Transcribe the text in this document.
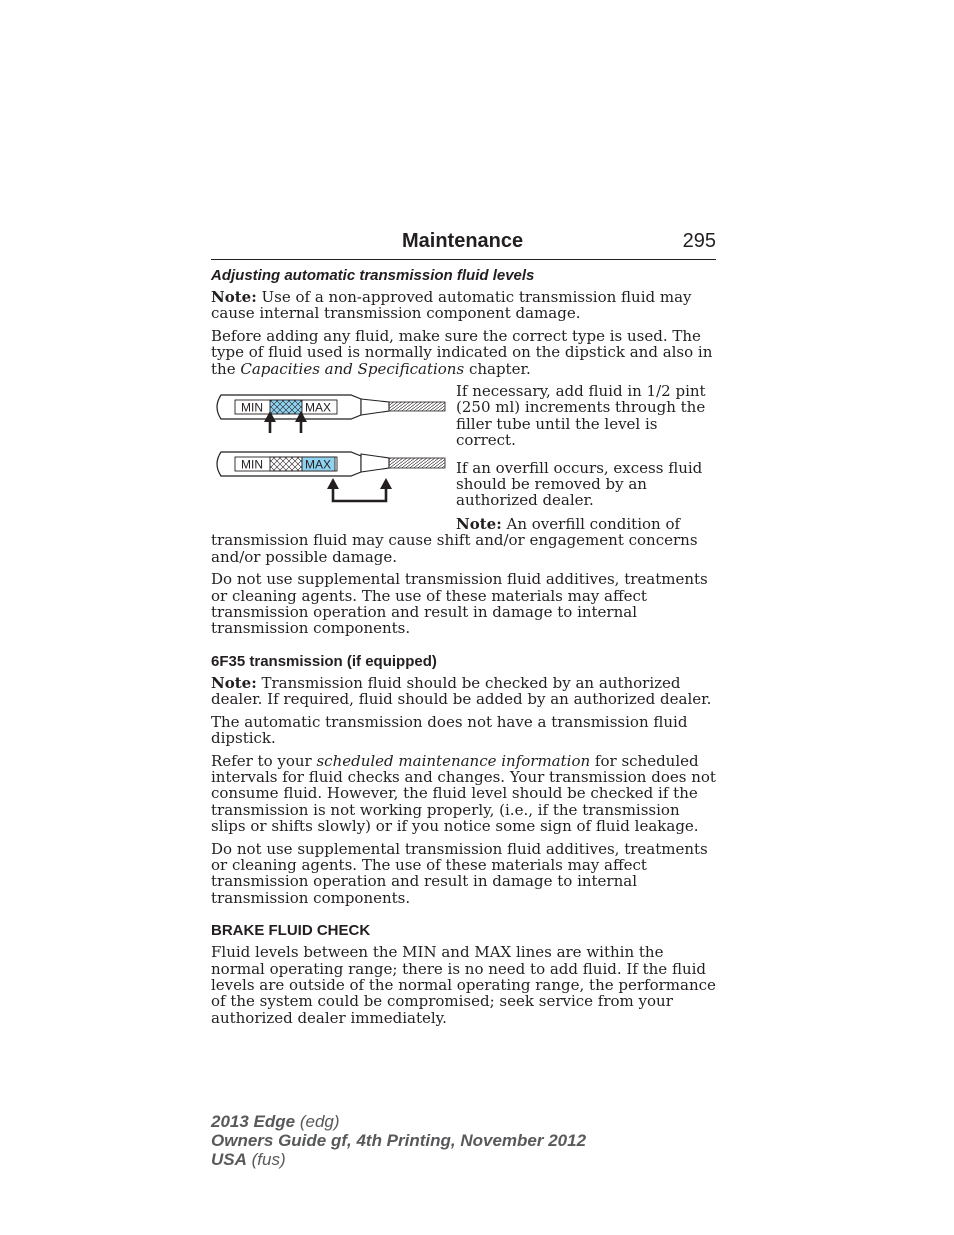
Maintenance	295
Adjusting automatic transmission fluid levels

Note: Use of a non-approved automatic transmission fluid may cause internal transmission component damage.

Before adding any fluid, make sure the correct type is used. The type of fluid used is normally indicated on the dipstick and also in the Capacities and Specifications chapter.

MIN	MAX
MIN	MAX

If necessary, add fluid in 1/2 pint (250 ml) increments through the filler tube until the level is correct.

If an overfill occurs, excess fluid should be removed by an authorized dealer.

Note: An overfill condition of transmission fluid may cause shift and/or engagement concerns and/or possible damage.

Do not use supplemental transmission fluid additives, treatments or cleaning agents. The use of these materials may affect transmission operation and result in damage to internal transmission components.

6F35 transmission (if equipped)

Note: Transmission fluid should be checked by an authorized dealer. If required, fluid should be added by an authorized dealer.

The automatic transmission does not have a transmission fluid dipstick.

Refer to your scheduled maintenance information for scheduled intervals for fluid checks and changes. Your transmission does not consume fluid. However, the fluid level should be checked if the transmission is not working properly, (i.e., if the transmission slips or shifts slowly) or if you notice some sign of fluid leakage.

Do not use supplemental transmission fluid additives, treatments or cleaning agents. The use of these materials may affect transmission operation and result in damage to internal transmission components.

BRAKE FLUID CHECK

Fluid levels between the MIN and MAX lines are within the normal operating range; there is no need to add fluid. If the fluid levels are outside of the normal operating range, the performance of the system could be compromised; seek service from your authorized dealer immediately.

2013 Edge (edg)
Owners Guide gf, 4th Printing, November 2012
USA (fus)
